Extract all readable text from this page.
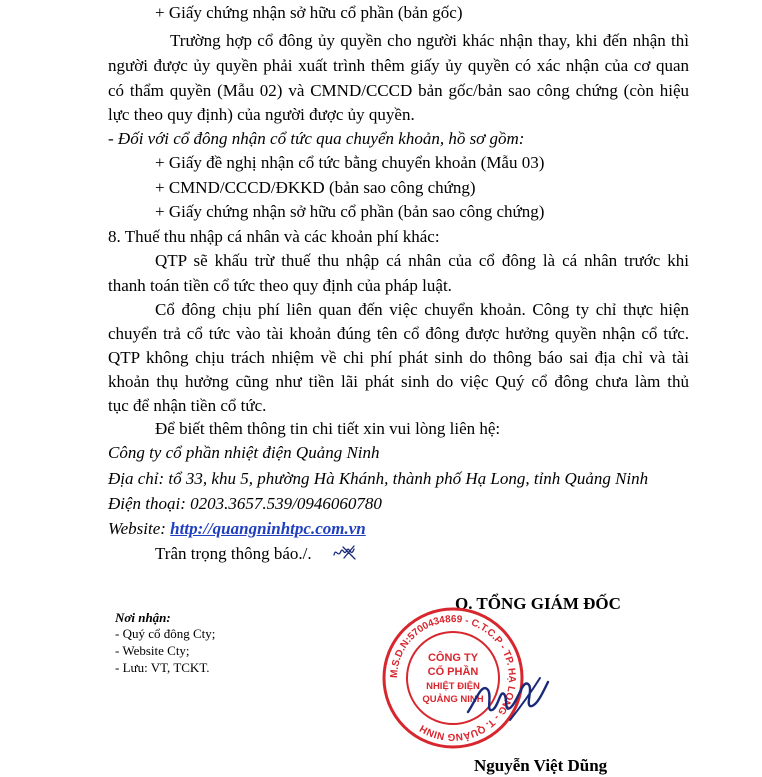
+ Giấy chứng nhận sở hữu cổ phần (bản gốc)
Trường hợp cổ đông ủy quyền cho người khác nhận thay, khi đến nhận thì
người được ủy quyền phải xuất trình thêm giấy ủy quyền có xác nhận của cơ quan
có thẩm quyền (Mẫu 02) và CMND/CCCD bản gốc/bản sao công chứng (còn hiệu
lực theo quy định) của người được ủy quyền.
- Đối với cổ đông nhận cổ tức qua chuyển khoản, hồ sơ gồm:
+ Giấy đề nghị nhận cổ tức bằng chuyển khoản (Mẫu 03)
+ CMND/CCCD/ĐKKD (bản sao công chứng)
+ Giấy chứng nhận sở hữu cổ phần (bản sao công chứng)
8. Thuế thu nhập cá nhân và các khoản phí khác:
QTP sẽ khấu trừ thuế thu nhập cá nhân của cổ đông là cá nhân trước khi
thanh toán tiền cổ tức theo quy định của pháp luật.
Cổ đông chịu phí liên quan đến việc chuyển khoản. Công ty chỉ thực hiện
chuyển trả cổ tức vào tài khoản đúng tên cổ đông được hưởng quyền nhận cổ tức.
QTP không chịu trách nhiệm về chi phí phát sinh do thông báo sai địa chỉ và tài
khoản thụ hưởng cũng như tiền lãi phát sinh do việc Quý cổ đông chưa làm thủ
tục để nhận tiền cổ tức.
Để biết thêm thông tin chi tiết xin vui lòng liên hệ:
Công ty cổ phần nhiệt điện Quảng Ninh
Địa chỉ: tổ 33, khu 5, phường Hà Khánh, thành phố Hạ Long, tỉnh Quảng Ninh
Điện thoại: 0203.3657.539/0946060780
Website: http://quangninhtpc.com.vn
Trân trọng thông báo./.
Q. TỔNG GIÁM ĐỐC
Nơi nhận:
- Quý cổ đông Cty;
- Website Cty;
- Lưu: VT, TCKT.	M.S.D.N:5700434869 - C.T.C.P - TP. HẠ LONG - T. QUẢNG NINH
CÔNG TY
CỔ PHẦN
NHIỆT ĐIỆN
QUẢNG NINH
Nguyễn Việt Dũng
